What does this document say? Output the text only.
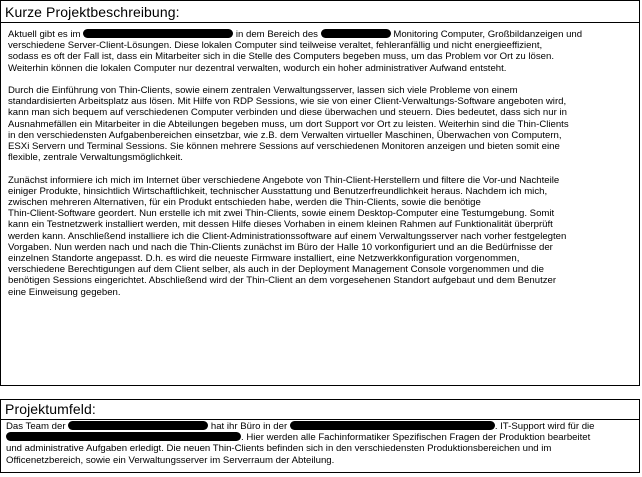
Kurze Projektbeschreibung:
Aktuell gibt es im	in dem Bereich des	Monitoring Computer, Großbildanzeigen und
verschiedene Server-Client-Lösungen. Diese lokalen Computer sind teilweise veraltet, fehleranfällig und nicht energieeffizient,
sodass es oft der Fall ist, dass ein Mitarbeiter sich in die Stelle des Computers begeben muss, um das Problem vor Ort zu lösen.
Weiterhin können die lokalen Computer nur dezentral verwalten, wodurch ein hoher administrativer Aufwand entsteht.
Durch die Einführung von Thin-Clients, sowie einem zentralen Verwaltungsserver, lassen sich viele Probleme von einem
standardisierten Arbeitsplatz aus lösen. Mit Hilfe von RDP Sessions, wie sie von einer Client-Verwaltungs-Software angeboten wird,
kann man sich bequem auf verschiedenen Computer verbinden und diese überwachen und steuern. Dies bedeutet, dass sich nur in
Ausnahmefällen ein Mitarbeiter in die Abteilungen begeben muss, um dort Support vor Ort zu leisten. Weiterhin sind die Thin-Clients
in den verschiedensten Aufgabenbereichen einsetzbar, wie z.B. dem Verwalten virtueller Maschinen, Überwachen von Computern,
ESXi Servern und Terminal Sessions. Sie können mehrere Sessions auf verschiedenen Monitoren anzeigen und bieten somit eine
flexible, zentrale Verwaltungsmöglichkeit.
Zunächst informiere ich mich im Internet über verschiedene Angebote von Thin-Client-Herstellern und filtere die Vor-und Nachteile
einiger Produkte, hinsichtlich Wirtschaftlichkeit, technischer Ausstattung und Benutzerfreundlichkeit heraus. Nachdem ich mich,
zwischen mehreren Alternativen, für ein Produkt entschieden habe, werden die Thin-Clients, sowie die benötige
Thin-Client-Software geordert. Nun erstelle ich mit zwei Thin-Clients, sowie einem Desktop-Computer eine Testumgebung. Somit
kann ein Testnetzwerk installiert werden, mit dessen Hilfe dieses Vorhaben in einem kleinen Rahmen auf Funktionalität überprüft
werden kann. Anschließend installiere ich die Client-Administrationssoftware auf einem Verwaltungsserver nach vorher festgelegten
Vorgaben. Nun werden nach und nach die Thin-Clients zunächst im Büro der Halle 10 vorkonfiguriert und an die Bedürfnisse der
einzelnen Standorte angepasst. D.h. es wird die neueste Firmware installiert, eine Netzwerkkonfiguration vorgenommen,
verschiedene Berechtigungen auf dem Client selber, als auch in der Deployment Management Console vorgenommen und die
benötigen Sessions eingerichtet. Abschließend wird der Thin-Client an dem vorgesehenen Standort aufgebaut und dem Benutzer
eine Einweisung gegeben.
Projektumfeld:
Das Team der	hat ihr Büro in der	. IT-Support wird für die
. Hier werden alle Fachinformatiker Spezifischen Fragen der Produktion bearbeitet
und administrative Aufgaben erledigt. Die neuen Thin-Clients befinden sich in den verschiedensten Produktionsbereichen und im
Officenetzbereich, sowie ein Verwaltungsserver im Serverraum der Abteilung.
